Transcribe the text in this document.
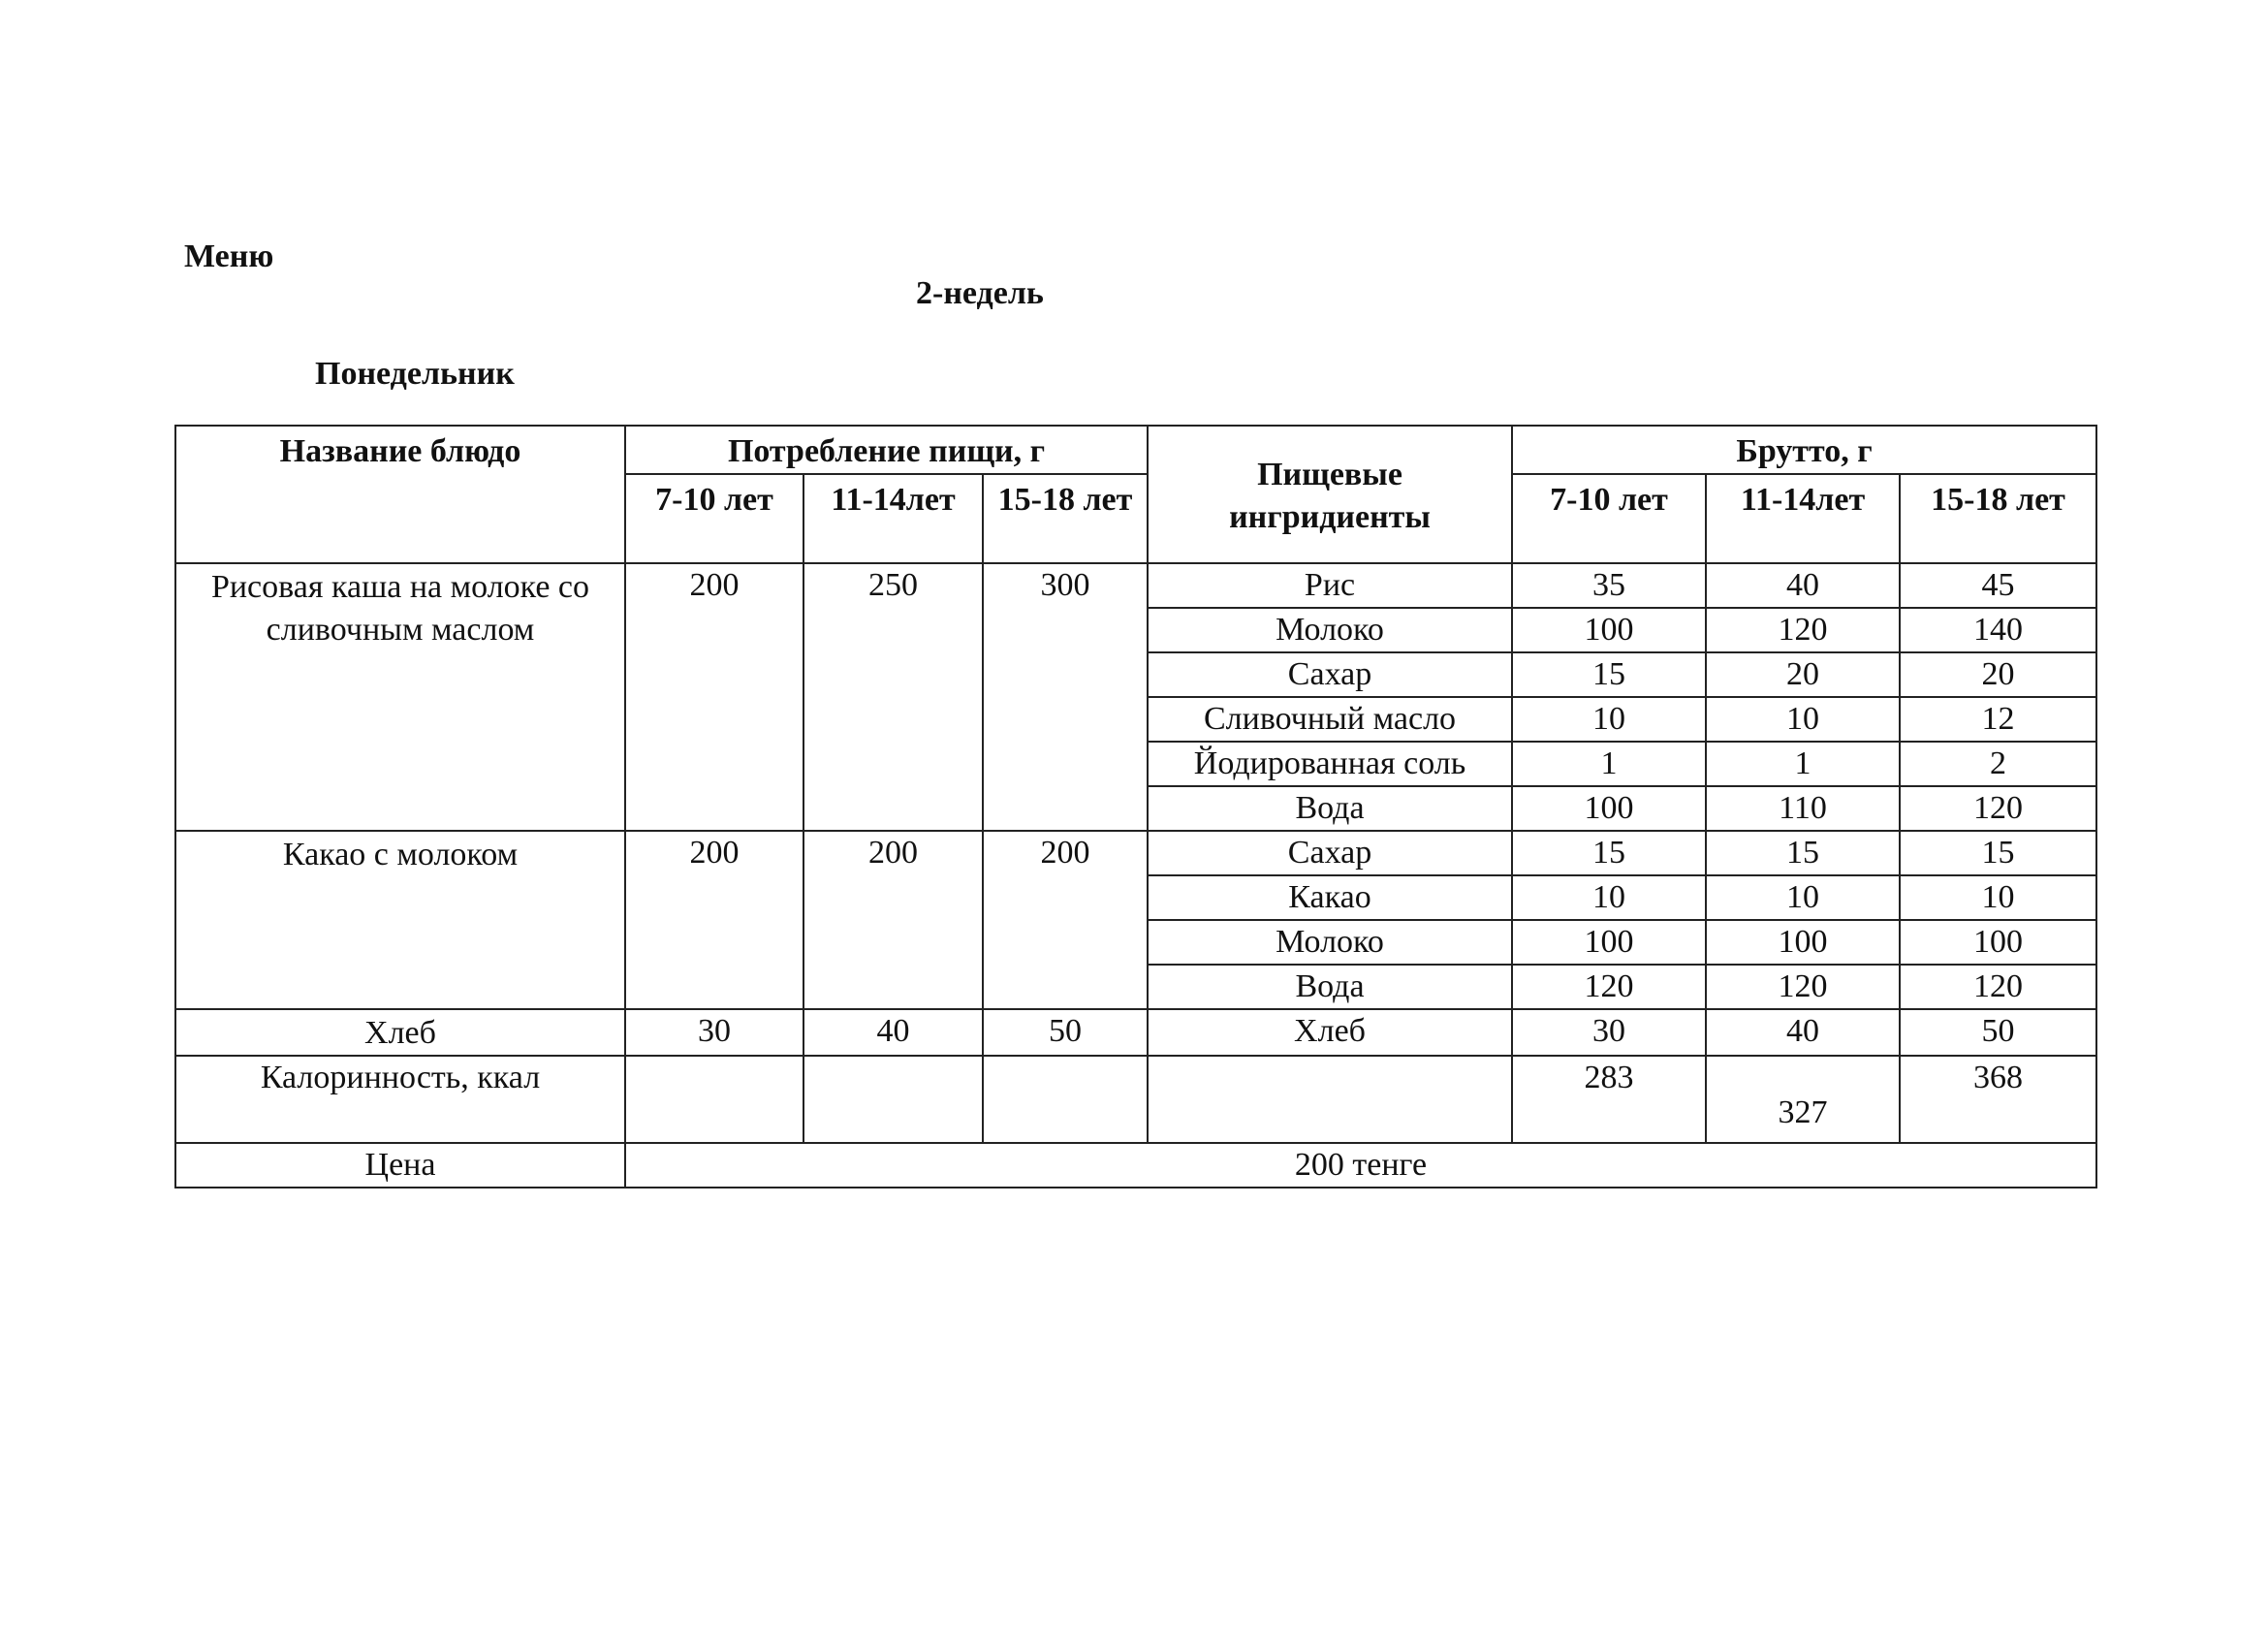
Меню
2-недель
Понедельник
Название блюдо	Потребление пищи, г			Пищевые ингридиенты	Брутто, г		
	7-10 лет	11-14лет	15-18 лет		7-10 лет	11-14лет	15-18 лет
Рисовая каша на молоке со сливочным маслом	200	250	300	Рис	35	40	45
				Молоко	100	120	140
				Сахар	15	20	20
				Сливочный масло	10	10	12
				Йодированная соль	1	1	2
				Вода	100	110	120
Какао с молоком	200	200	200	Сахар	15	15	15
				Какао	10	10	10
				Молоко	100	100	100
				Вода	120	120	120
Хлеб	30	40	50	Хлеб	30	40	50
Калоринность, ккал					283	327	368
Цена	200 тенге						
